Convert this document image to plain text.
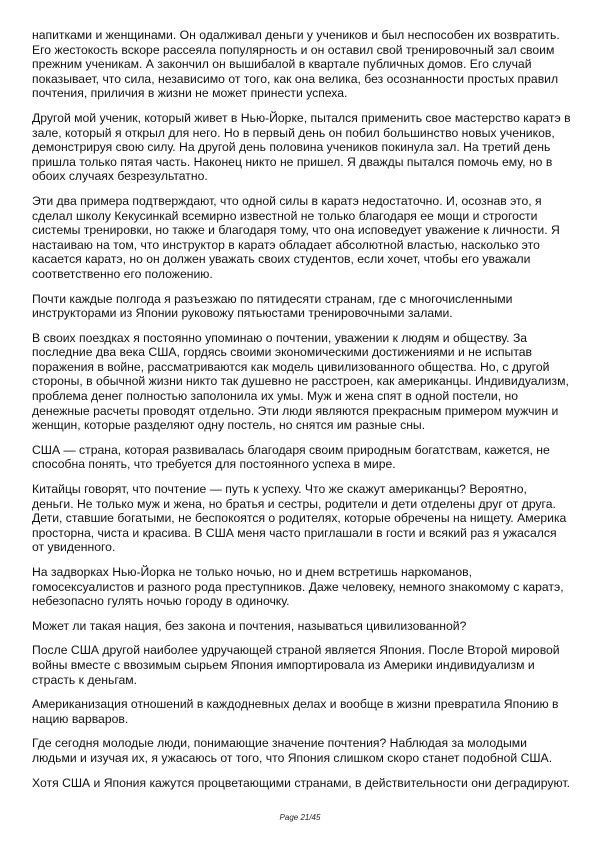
напитками и женщинами. Он одалживал деньги у учеников и был неспособен их возвратить.
Его жестокость вскоре рассеяла популярность и он оставил свой тренировочный зал своим
прежним ученикам. А закончил он вышибалой в квартале публичных домов. Его случай
показывает, что сила, независимо от того, как она велика, без осознанности простых правил
почтения, приличия в жизни не может принести успеха.
Другой мой ученик, который живет в Нью-Йорке, пытался применить свое мастерство каратэ в
зале, который я открыл для него. Но в первый день он побил большинство новых учеников,
демонстрируя свою силу. На другой день половина учеников покинула зал. На третий день
пришла только пятая часть. Наконец никто не пришел. Я дважды пытался помочь ему, но в
обоих случаях безрезультатно.
Эти два примера подтверждают, что одной силы в каратэ недостаточно. И, осознав это, я
сделал школу Кекусинкай всемирно известной не только благодаря ее мощи и строгости
системы тренировки, но также и благодаря тому, что она исповедует уважение к личности. Я
настаиваю на том, что инструктор в каратэ обладает абсолютной властью, насколько это
касается каратэ, но он должен уважать своих студентов, если хочет, чтобы его уважали
соответственно его положению.
Почти каждые полгода я разъезжаю по пятидесяти странам, где с многочисленными
инструкторами из Японии руковожу пятьюстами тренировочными залами.
В своих поездках я постоянно упоминаю о почтении, уважении к людям и обществу. За
последние два века США, гордясь своими экономическими достижениями и не испытав
поражения в войне, рассматриваются как модель цивилизованного общества. Но, с другой
стороны, в обычной жизни никто так душевно не расстроен, как американцы. Индивидуализм,
проблема денег полностью заполонила их умы. Муж и жена спят в одной постели, но
денежные расчеты проводят отдельно. Эти люди являются прекрасным примером мужчин и
женщин, которые разделяют одну постель, но снятся им разные сны.
США — страна, которая развивалась благодаря своим природным богатствам, кажется, не
способна понять, что требуется для постоянного успеха в мире.
Китайцы говорят, что почтение — путь к успеху. Что же скажут американцы? Вероятно,
деньги. Не только муж и жена, но братья и сестры, родители и дети отделены друг от друга.
Дети, ставшие богатыми, не беспокоятся о родителях, которые обречены на нищету. Америка
просторна, чиста и красива. В США меня часто приглашали в гости и всякий раз я ужасался
от увиденного.
На задворках Нью-Йорка не только ночью, но и днем встретишь наркоманов,
гомосексуалистов и разного рода преступников. Даже человеку, немного знакомому с каратэ,
небезопасно гулять ночью городу в одиночку.
Может ли такая нация, без закона и почтения, называться цивилизованной?
После США другой наиболее удручающей страной является Япония. После Второй мировой
войны вместе с ввозимым сырьем Япония импортировала из Америки индивидуализм и
страсть к деньгам.
Американизация отношений в каждодневных делах и вообще в жизни превратила Японию в
нацию варваров.
Где сегодня молодые люди, понимающие значение почтения? Наблюдая за молодыми
людьми и изучая их, я ужасаюсь от того, что Япония слишком скоро станет подобной США.
Хотя США и Япония кажутся процветающими странами, в действительности они деградируют.
Page 21/45
